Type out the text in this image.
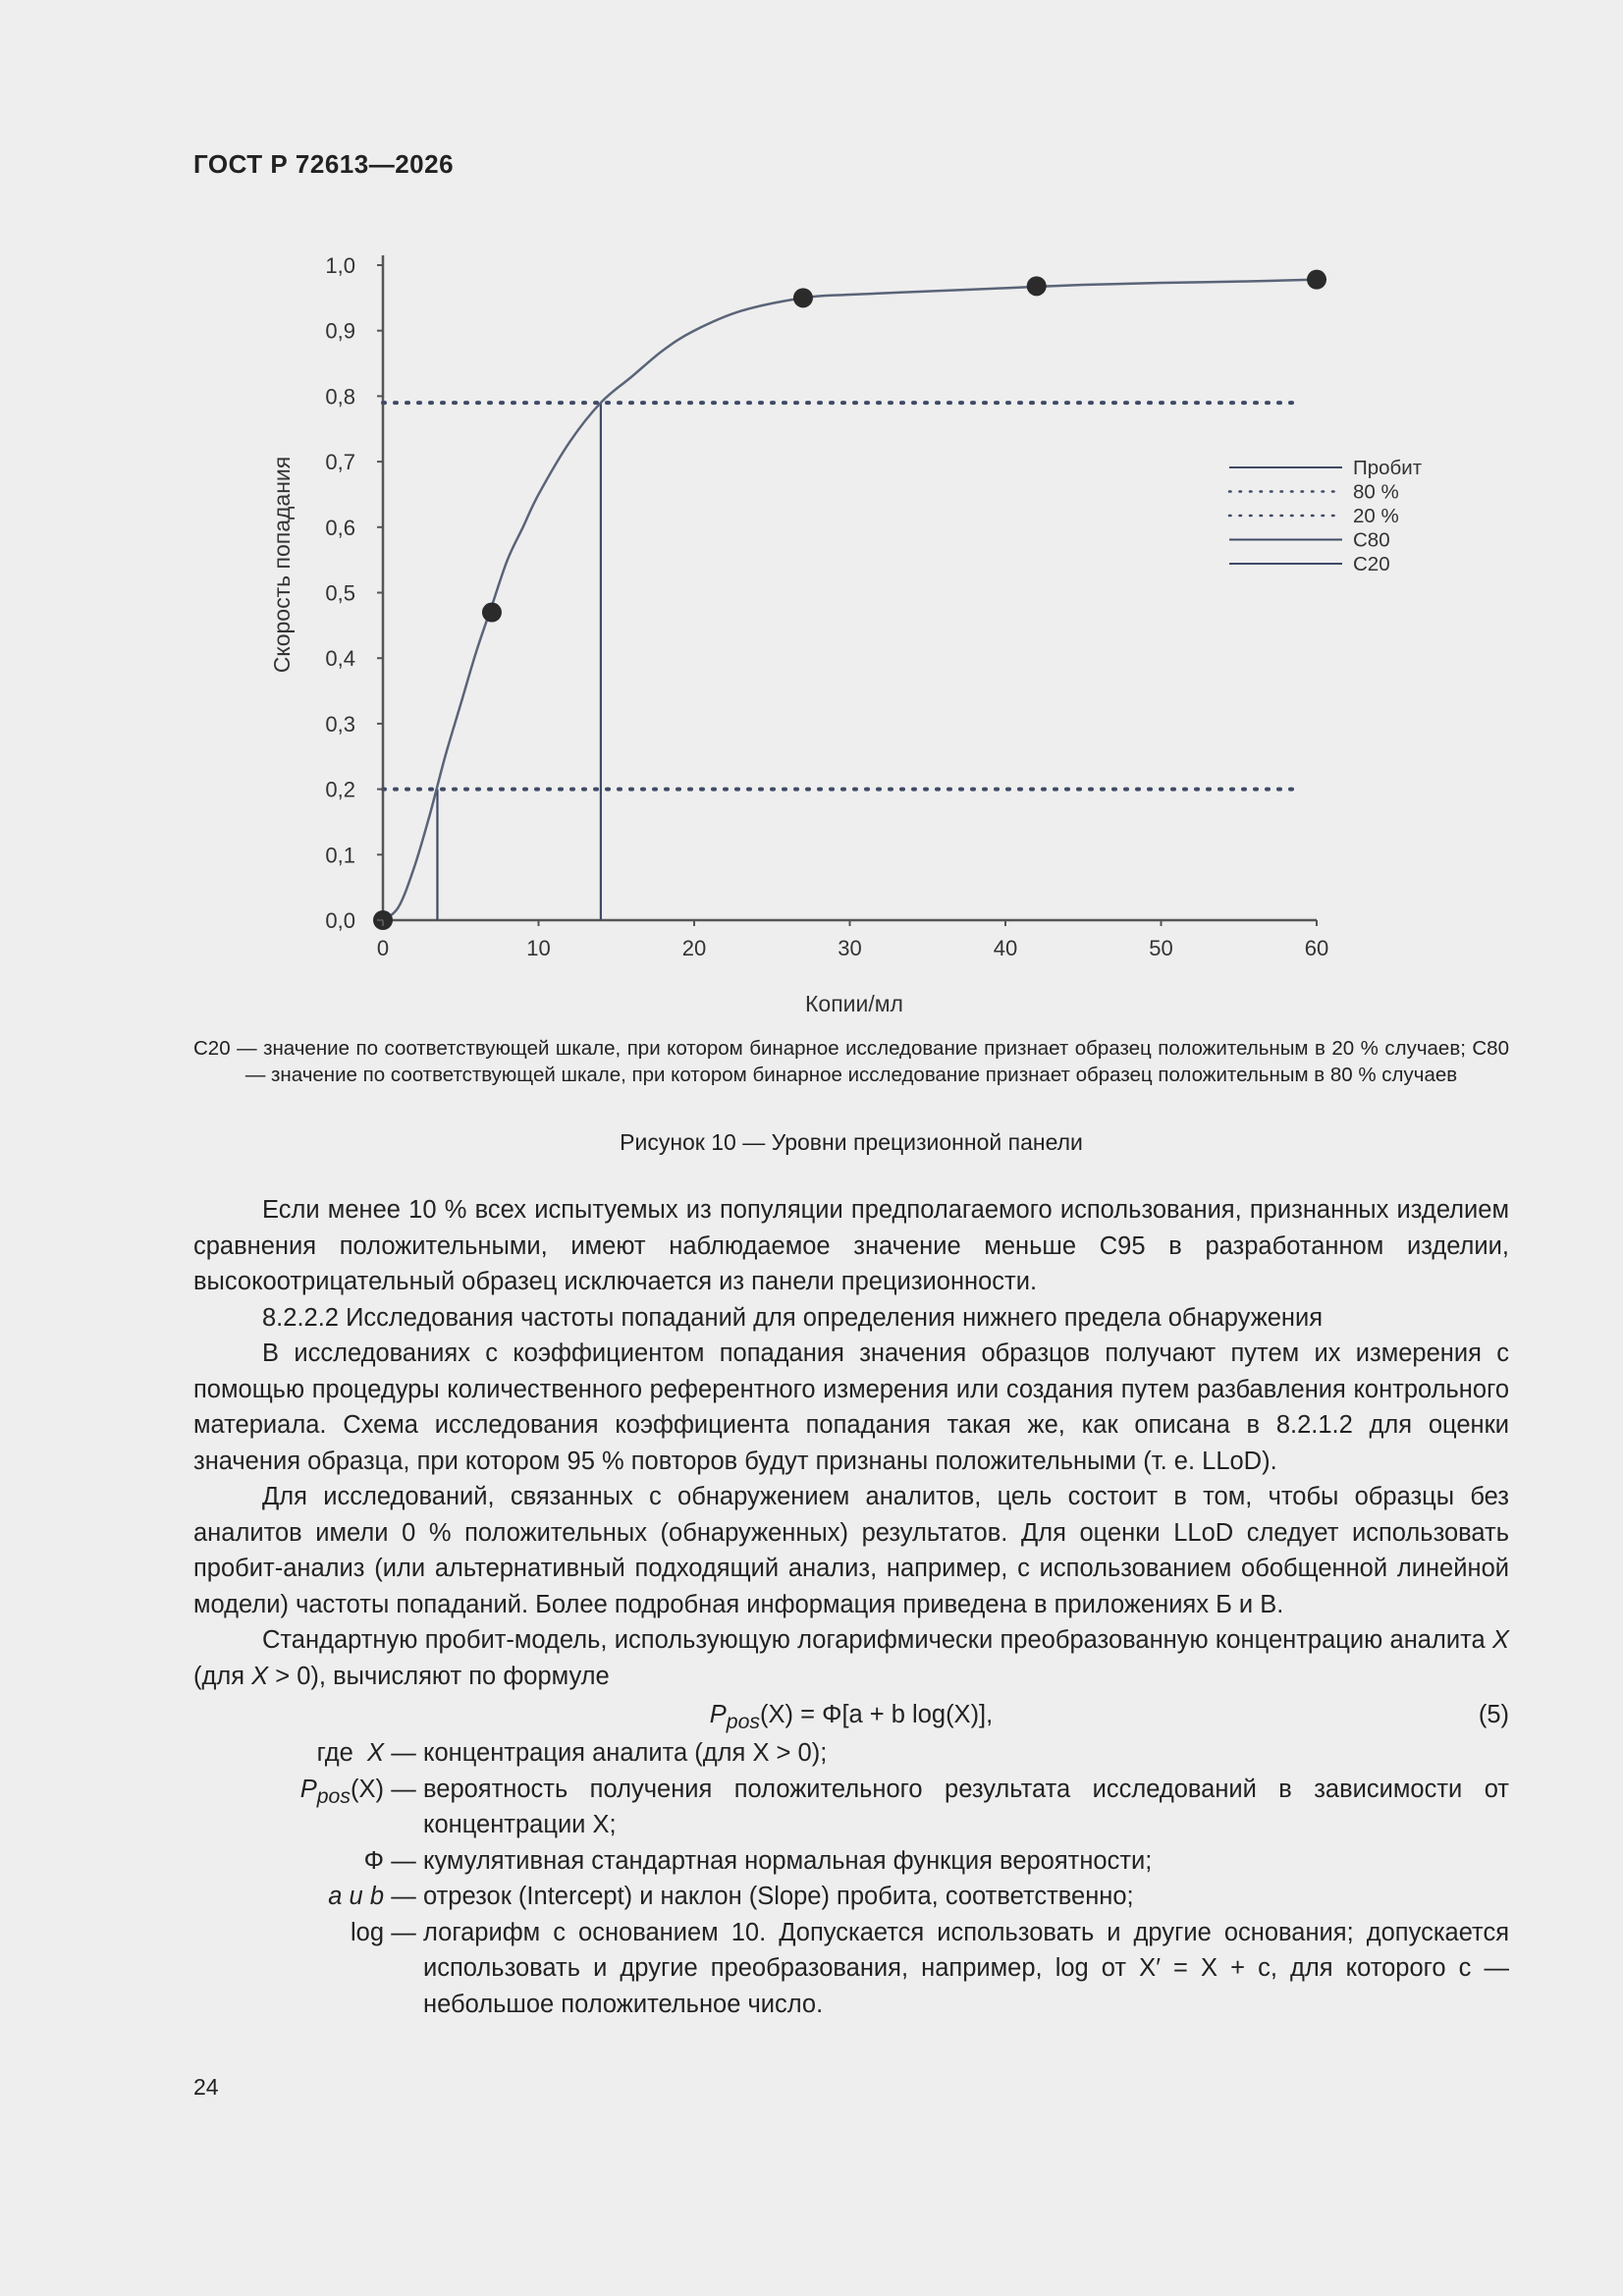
ГОСТ Р 72613—2026
0	10	20	30	40	50	60
1,0
0,9
0,8
0,7
0,6
0,5
0,4
0,3
0,2
0,1
0,0
Пробит
80 %
20 %
C80
C20
Копии/мл
Скорость попадания
С20 — значение по соответствующей шкале, при котором бинарное исследование признает образец положительным в 20 % случаев; С80 — значение по соответствующей шкале, при котором бинарное исследование признает образец положительным в 80 % случаев
Рисунок 10 — Уровни прецизионной панели

Если менее 10 % всех испытуемых из популяции предполагаемого использования, признанных изделием сравнения положительными, имеют наблюдаемое значение меньше С95 в разработанном изделии, высокоотрицательный образец исключается из панели прецизионности.

8.2.2.2 Исследования частоты попаданий для определения нижнего предела обнаружения

В исследованиях с коэффициентом попадания значения образцов получают путем их измерения с помощью процедуры количественного референтного измерения или создания путем разбавления контрольного материала. Схема исследования коэффициента попадания такая же, как описана в 8.2.1.2 для оценки значения образца, при котором 95 % повторов будут признаны положительными (т. е. LLoD).

Для исследований, связанных с обнаружением аналитов, цель состоит в том, чтобы образцы без аналитов имели 0 % положительных (обнаруженных) результатов. Для оценки LLoD следует использовать пробит-анализ (или альтернативный подходящий анализ, например, с использованием обобщенной линейной модели) частоты попаданий. Более подробная информация приведена в приложениях Б и В.

Стандартную пробит-модель, использующую логарифмически преобразованную концентрацию аналита X (для X > 0), вычисляют по формуле

$P_{pos}(X) = \Phi[a + b$ log(X)],	(5)
где X — концентрация аналита (для X > 0);
$P_{pos}(X)$ — вероятность получения положительного результата исследований в зависимости от концентрации X;
Φ — кумулятивная стандартная нормальная функция вероятности;
a и b — отрезок (Intercept) и наклон (Slope) пробита, соответственно;
log — логарифм с основанием 10. Допускается использовать и другие основания; допускается использовать и другие преобразования, например, log от X′ = X + c, для которого c — небольшое положительное число.
24
